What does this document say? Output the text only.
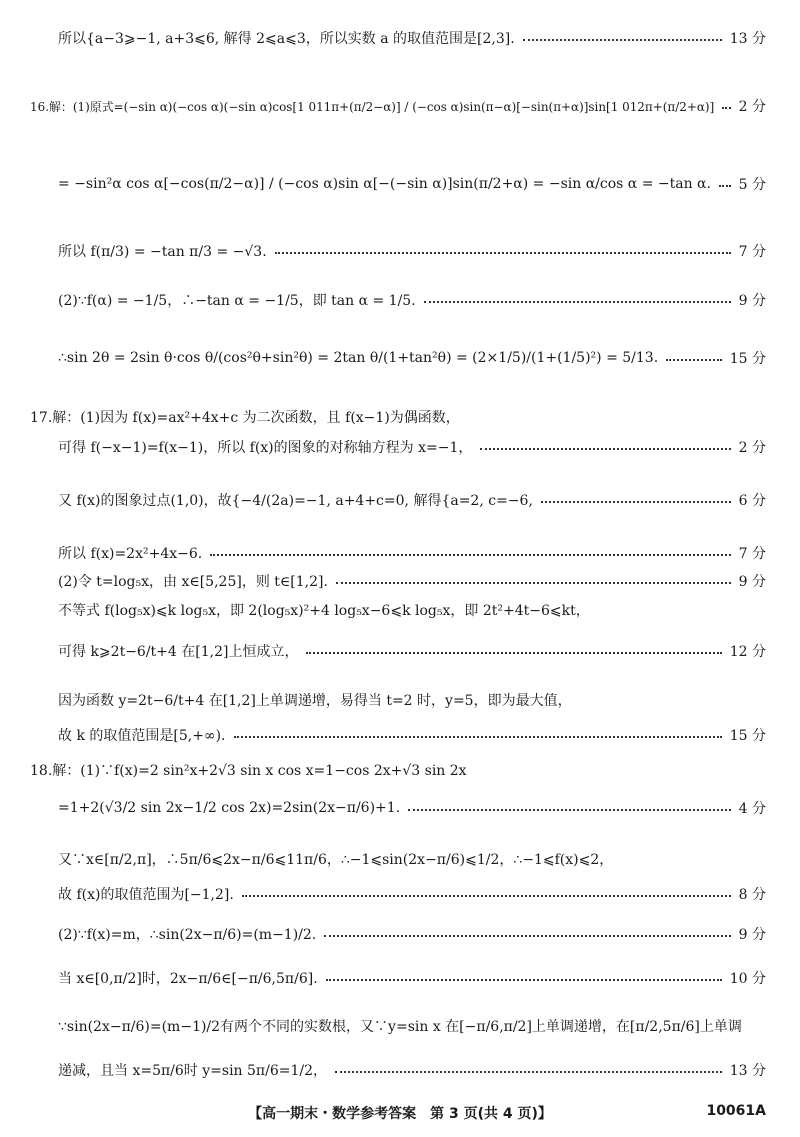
所以{a−3⩾−1, a+3⩽6, 解得 2⩽a⩽3，所以实数 a 的取值范围是[2,3].	13 分
16.解：(1)原式=(−sin α)(−cos α)(−sin α)cos[1 011π+(π/2−α)] / (−cos α)sin(π−α)[−sin(π+α)]sin[1 012π+(π/2+α)] 2 分
= −sin²α cos α[−cos(π/2−α)] / (−cos α)sin α[−(−sin α)]sin(π/2+α) = −sin α/cos α = −tan α. 5 分
所以 f(π/3) = −tan π/3 = −√3.	7 分
(2)∵f(α) = −1/5，∴−tan α = −1/5，即 tan α = 1/5.	9 分
∴sin 2θ = 2sin θ·cos θ/(cos²θ+sin²θ) = 2tan θ/(1+tan²θ) = (2×1/5)/(1+(1/5)²) = 5/13.	15 分
17.解：(1)因为 f(x)=ax²+4x+c 为二次函数，且 f(x−1)为偶函数，
可得 f(−x−1)=f(x−1)，所以 f(x)的图象的对称轴方程为 x=−1，	2 分
又 f(x)的图象过点(1,0)，故{−4/(2a)=−1, a+4+c=0, 解得{a=2, c=−6,	6 分
所以 f(x)=2x²+4x−6.	7 分
(2)令 t=log₅x，由 x∈[5,25]，则 t∈[1,2].	9 分
不等式 f(log₅x)⩽k log₅x，即 2(log₅x)²+4 log₅x−6⩽k log₅x，即 2t²+4t−6⩽kt，
可得 k⩾2t−6/t+4 在[1,2]上恒成立，	12 分
因为函数 y=2t−6/t+4 在[1,2]上单调递增，易得当 t=2 时，y=5，即为最大值，
故 k 的取值范围是[5,+∞).	15 分
18.解：(1)∵f(x)=2 sin²x+2√3 sin x cos x=1−cos 2x+√3 sin 2x
=1+2(√3/2 sin 2x−1/2 cos 2x)=2sin(2x−π/6)+1.	4 分
又∵x∈[π/2,π]，∴5π/6⩽2x−π/6⩽11π/6，∴−1⩽sin(2x−π/6)⩽1/2，∴−1⩽f(x)⩽2，
故 f(x)的取值范围为[−1,2].	8 分
(2)∵f(x)=m，∴sin(2x−π/6)=(m−1)/2.	9 分
当 x∈[0,π/2]时，2x−π/6∈[−π/6,5π/6].	10 分
∵sin(2x−π/6)=(m−1)/2有两个不同的实数根，又∵y=sin x 在[−π/6,π/2]上单调递增，在[π/2,5π/6]上单调
递减，且当 x=5π/6时 y=sin 5π/6=1/2，	13 分
【高一期末・数学参考答案　第 3 页(共 4 页)】	10061A
